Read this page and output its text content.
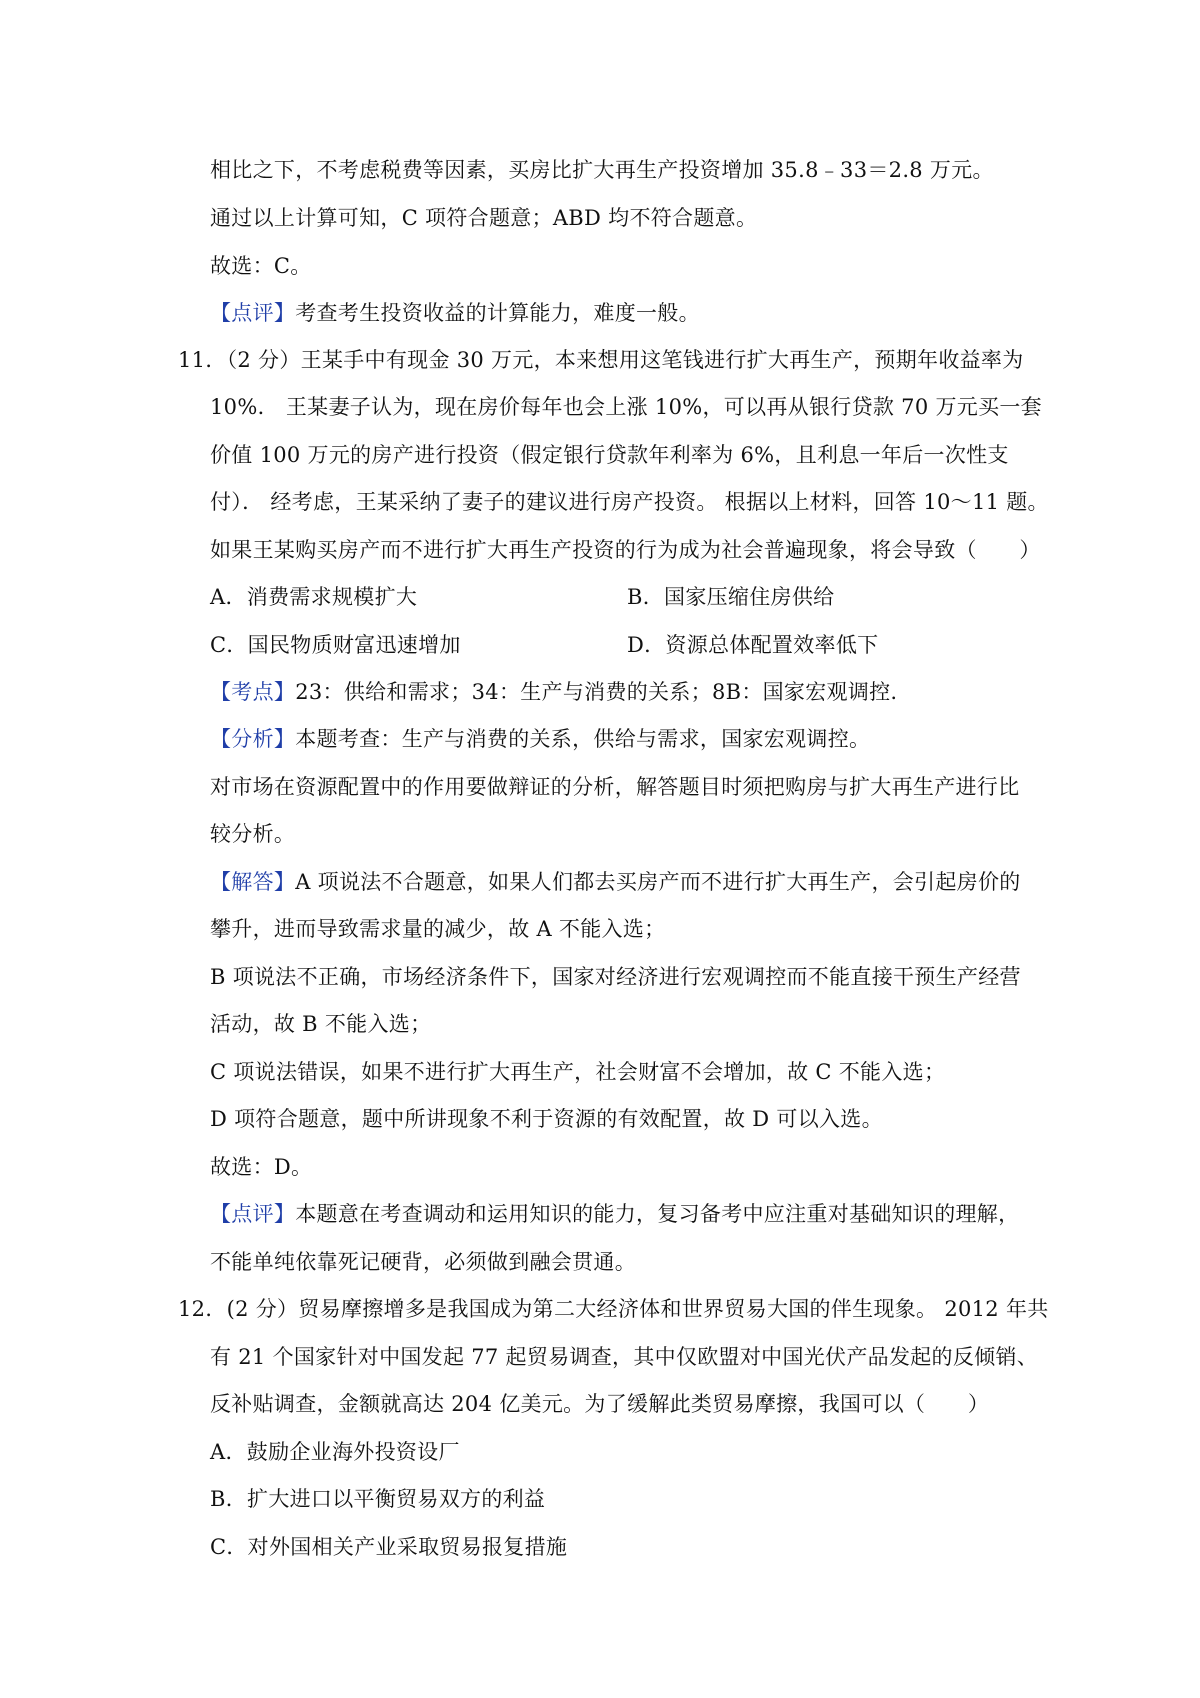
相比之下，不考虑税费等因素，买房比扩大再生产投资增加 35.8﹣33＝2.8 万元。
通过以上计算可知，C 项符合题意；ABD 均不符合题意。
故选：C。
【点评】考查考生投资收益的计算能力，难度一般。
11．（2 分）王某手中有现金 30 万元，本来想用这笔钱进行扩大再生产，预期年收益率为
10%． 王某妻子认为，现在房价每年也会上涨 10%，可以再从银行贷款 70 万元买一套
价值 100 万元的房产进行投资（假定银行贷款年利率为 6%，且利息一年后一次性支
付）． 经考虑，王某采纳了妻子的建议进行房产投资。 根据以上材料，回答 10～11 题。
如果王某购买房产而不进行扩大再生产投资的行为成为社会普遍现象，将会导致（　　）
A．消费需求规模扩大	B．国家压缩住房供给
C．国民物质财富迅速增加	D．资源总体配置效率低下
【考点】23：供给和需求；34：生产与消费的关系；8B：国家宏观调控.
【分析】本题考查：生产与消费的关系，供给与需求，国家宏观调控。
对市场在资源配置中的作用要做辩证的分析，解答题目时须把购房与扩大再生产进行比
较分析。
【解答】A 项说法不合题意，如果人们都去买房产而不进行扩大再生产，会引起房价的
攀升，进而导致需求量的减少，故 A 不能入选；
B 项说法不正确，市场经济条件下，国家对经济进行宏观调控而不能直接干预生产经营
活动，故 B 不能入选；
C 项说法错误，如果不进行扩大再生产，社会财富不会增加，故 C 不能入选；
D 项符合题意，题中所讲现象不利于资源的有效配置，故 D 可以入选。
故选：D。
【点评】本题意在考查调动和运用知识的能力，复习备考中应注重对基础知识的理解，
不能单纯依靠死记硬背，必须做到融会贯通。
12．(2 分）贸易摩擦增多是我国成为第二大经济体和世界贸易大国的伴生现象。 2012 年共
有 21 个国家针对中国发起 77 起贸易调查，其中仅欧盟对中国光伏产品发起的反倾销、
反补贴调查，金额就高达 204 亿美元。为了缓解此类贸易摩擦，我国可以（　　）
A．鼓励企业海外投资设厂
B．扩大进口以平衡贸易双方的利益
C．对外国相关产业采取贸易报复措施
